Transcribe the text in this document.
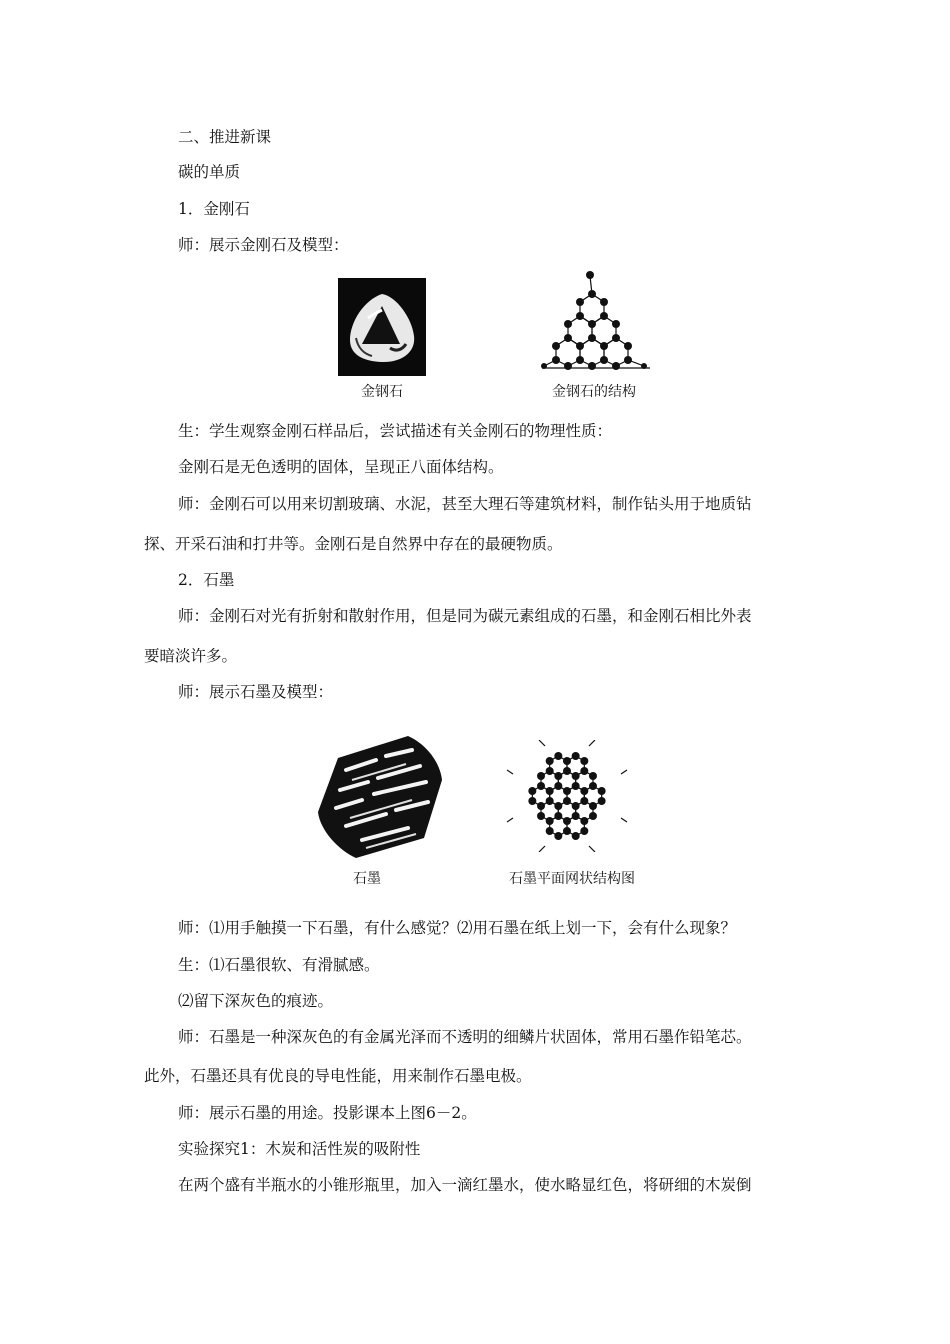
二、推进新课
碳的单质
1．金刚石
师：展示金刚石及模型：
金钢石	金钢石的结构
生：学生观察金刚石样品后，尝试描述有关金刚石的物理性质：
金刚石是无色透明的固体，呈现正八面体结构。
师：金刚石可以用来切割玻璃、水泥，甚至大理石等建筑材料，制作钻头用于地质钻
探、开采石油和打井等。金刚石是自然界中存在的最硬物质。
2．石墨
师：金刚石对光有折射和散射作用，但是同为碳元素组成的石墨，和金刚石相比外表
要暗淡许多。
师：展示石墨及模型：
石墨	石墨平面网状结构图
师：⑴用手触摸一下石墨，有什么感觉？⑵用石墨在纸上划一下，会有什么现象？
生：⑴石墨很软、有滑腻感。
⑵留下深灰色的痕迹。
师：石墨是一种深灰色的有金属光泽而不透明的细鳞片状固体，常用石墨作铅笔芯。
此外，石墨还具有优良的导电性能，用来制作石墨电极。
师：展示石墨的用途。投影课本上图6－2。
实验探究1：木炭和活性炭的吸附性
在两个盛有半瓶水的小锥形瓶里，加入一滴红墨水，使水略显红色，将研细的木炭倒
